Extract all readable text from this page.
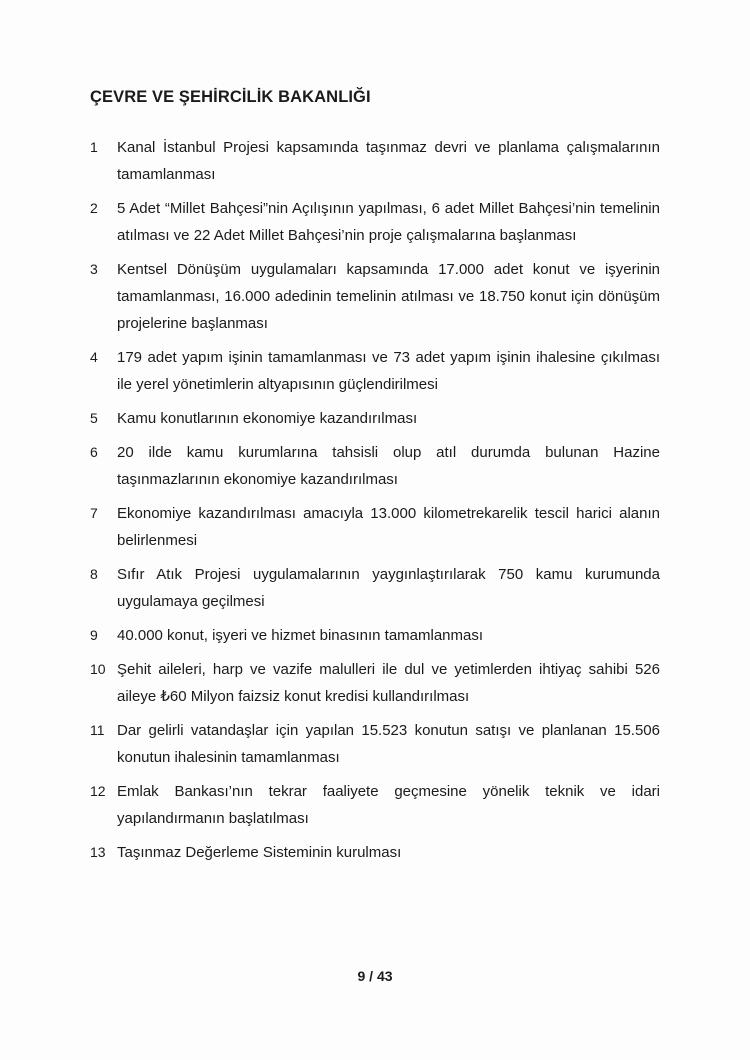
ÇEVRE VE ŞEHİRCİLİK BAKANLIĞI
1	Kanal İstanbul Projesi kapsamında taşınmaz devri ve planlama çalışmalarının tamamlanması
2	5 Adet “Millet Bahçesi”nin Açılışının yapılması, 6 adet Millet Bahçesi’nin temelinin atılması ve 22 Adet Millet Bahçesi’nin proje çalışmalarına başlanması
3	Kentsel Dönüşüm uygulamaları kapsamında 17.000 adet konut ve işyerinin tamamlanması, 16.000 adedinin temelinin atılması ve 18.750 konut için dönüşüm projelerine başlanması
4	179 adet yapım işinin tamamlanması ve 73 adet yapım işinin ihalesine çıkılması ile yerel yönetimlerin altyapısının güçlendirilmesi
5	Kamu konutlarının ekonomiye kazandırılması
6	20 ilde kamu kurumlarına tahsisli olup atıl durumda bulunan Hazine taşınmazlarının ekonomiye kazandırılması
7	Ekonomiye kazandırılması amacıyla 13.000 kilometrekarelik tescil harici alanın belirlenmesi
8	Sıfır Atık Projesi uygulamalarının yaygınlaştırılarak 750 kamu kurumunda uygulamaya geçilmesi
9	40.000 konut, işyeri ve hizmet binasının tamamlanması
10 Şehit aileleri, harp ve vazife malulleri ile dul ve yetimlerden ihtiyaç sahibi 526 aileye ₺60 Milyon faizsiz konut kredisi kullandırılması
11 Dar gelirli vatandaşlar için yapılan 15.523 konutun satışı ve planlanan 15.506 konutun ihalesinin tamamlanması
12 Emlak Bankası’nın tekrar faaliyete geçmesine yönelik teknik ve idari yapılandırmanın başlatılması
13 Taşınmaz Değerleme Sisteminin kurulması
9 / 43
